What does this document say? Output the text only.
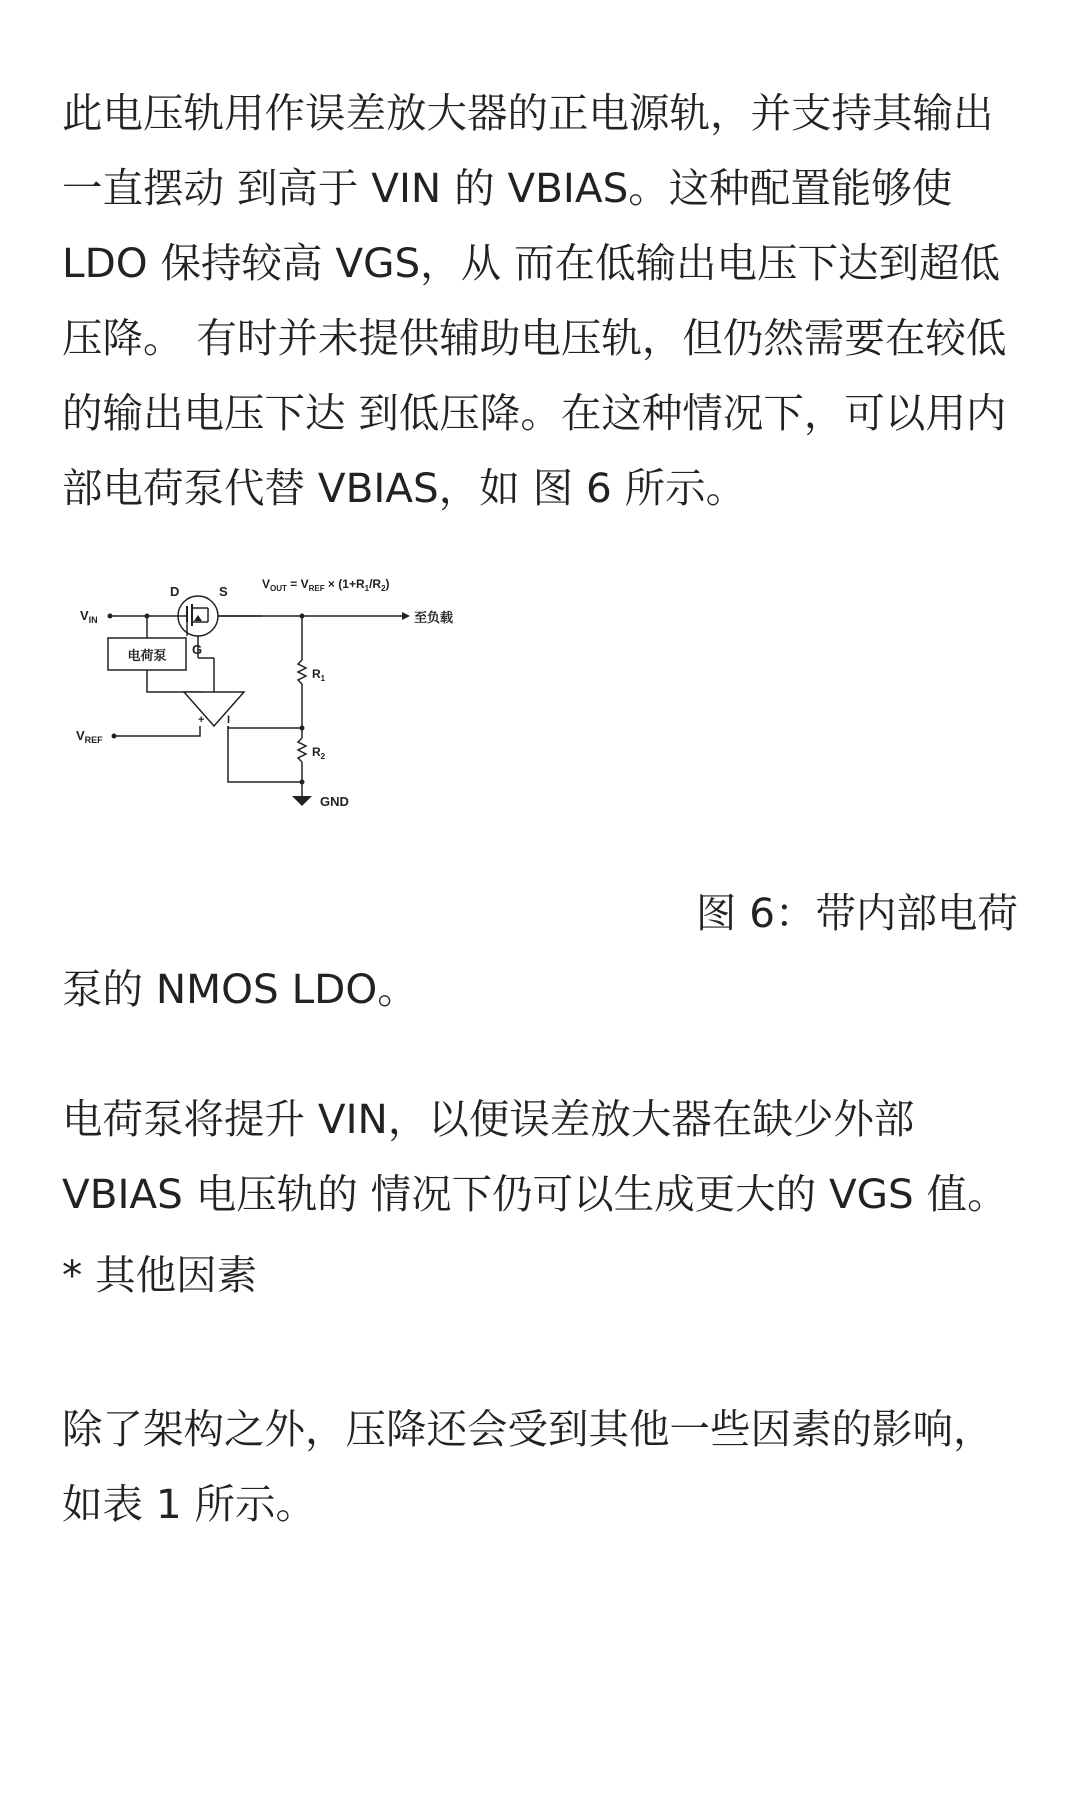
此电压轨用作误差放大器的正电源轨，并支持其输出一直摆动 到高于 VIN 的 VBIAS。这种配置能够使 LDO 保持较高 VGS，从 而在低输出电压下达到超低压降。 有时并未提供辅助电压轨，但仍然需要在较低的输出电压下达 到低压降。在这种情况下，可以用内部电荷泵代替 VBIAS，如 图 6 所示。

$V_{IN}$
电荷泵
D	S
G
$V_{OUT} = V_{REF} \times (1+R_1/R_2)$
至负载
$R_1$
$R_2$
GND
+ I
$V_{REF}$

图 6：带内部电荷

泵的 NMOS LDO。

电荷泵将提升 VIN，以便误差放大器在缺少外部 VBIAS 电压轨的 情况下仍可以生成更大的 VGS 值。

* 其他因素

除了架构之外，压降还会受到其他一些因素的影响，如表 1 所示。
